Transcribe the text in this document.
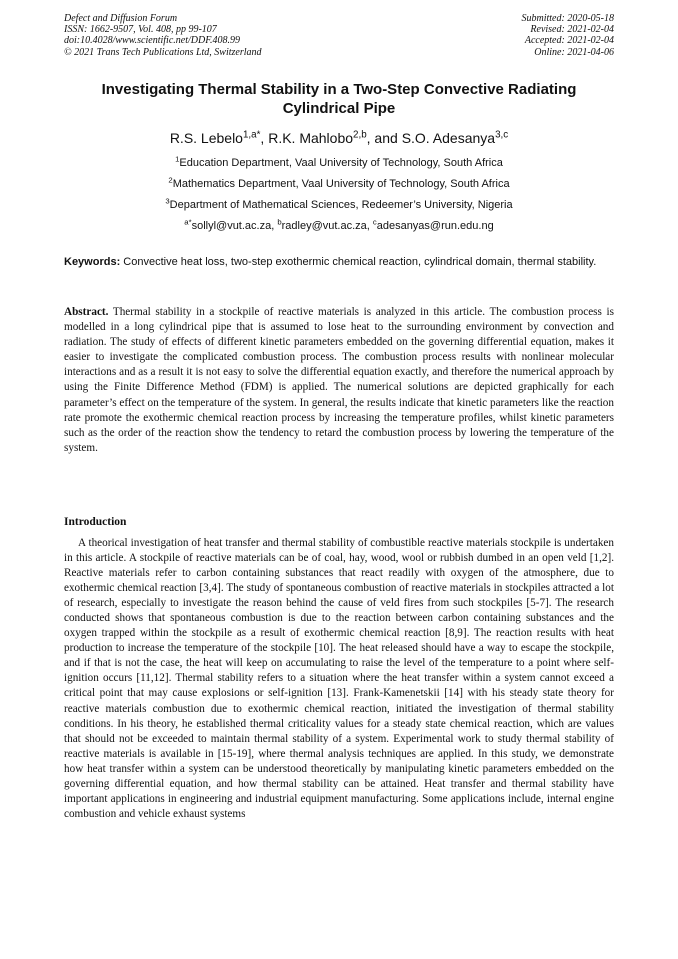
Defect and Diffusion Forum
ISSN: 1662-9507, Vol. 408, pp 99-107
doi:10.4028/www.scientific.net/DDF.408.99
© 2021 Trans Tech Publications Ltd, Switzerland
Submitted: 2020-05-18
Revised: 2021-02-04
Accepted: 2021-02-04
Online: 2021-04-06
Investigating Thermal Stability in a Two-Step Convective Radiating
Cylindrical Pipe
R.S. Lebelo$^{1,a*}$, R.K. Mahlobo$^{2,b}$, and S.O. Adesanya$^{3,c}$
$^1$Education Department, Vaal University of Technology, South Africa
$^2$Mathematics Department, Vaal University of Technology, South Africa
$^3$Department of Mathematical Sciences, Redeemer’s University, Nigeria
$^{a*}$sollyl@vut.ac.za, $^b$radley@vut.ac.za, $^c$adesanyas@run.edu.ng
Keywords: Convective heat loss, two-step exothermic chemical reaction, cylindrical domain, thermal stability.
Abstract. Thermal stability in a stockpile of reactive materials is analyzed in this article. The combustion process is modelled in a long cylindrical pipe that is assumed to lose heat to the surrounding environment by convection and radiation. The study of effects of different kinetic parameters embedded on the governing differential equation, makes it easier to investigate the complicated combustion process. The combustion process results with nonlinear molecular interactions and as a result it is not easy to solve the differential equation exactly, and therefore the numerical approach by using the Finite Difference Method (FDM) is applied. The numerical solutions are depicted graphically for each parameter’s effect on the temperature of the system. In general, the results indicate that kinetic parameters like the reaction rate promote the exothermic chemical reaction process by increasing the temperature profiles, whilst kinetic parameters such as the order of the reaction show the tendency to retard the combustion process by lowering the temperature of the system.
Introduction
A theorical investigation of heat transfer and thermal stability of combustible reactive materials stockpile is undertaken in this article. A stockpile of reactive materials can be of coal, hay, wood, wool or rubbish dumbed in an open veld [1,2]. Reactive materials refer to carbon containing substances that react readily with oxygen of the atmosphere, due to exothermic chemical reaction [3,4]. The study of spontaneous combustion of reactive materials in stockpiles attracted a lot of research, especially to investigate the reason behind the cause of veld fires from such stockpiles [5-7]. The research conducted shows that spontaneous combustion is due to the reaction between carbon containing substances and the oxygen trapped within the stockpile as a result of exothermic chemical reaction [8,9]. The reaction results with heat production to increase the temperature of the stockpile [10]. The heat released should have a way to escape the stockpile, and if that is not the case, the heat will keep on accumulating to raise the level of the temperature to a point where self-ignition occurs [11,12]. Thermal stability refers to a situation where the heat transfer within a system cannot exceed a critical point that may cause explosions or self-ignition [13]. Frank-Kamenetskii [14] with his steady state theory for reactive materials combustion due to exothermic chemical reaction, initiated the investigation of thermal stability conditions. In his theory, he established thermal criticality values for a steady state chemical reaction, which are values that should not be exceeded to maintain thermal stability of a system. Experimental work to study thermal stability of reactive materials is available in [15-19], where thermal analysis techniques are applied. In this study, we demonstrate how heat transfer within a system can be understood theoretically by manipulating kinetic parameters embedded on the governing differential equation, and how thermal stability can be attained. Heat transfer and thermal stability have important applications in engineering and industrial equipment manufacturing. Some applications include, internal engine combustion and vehicle exhaust systems
